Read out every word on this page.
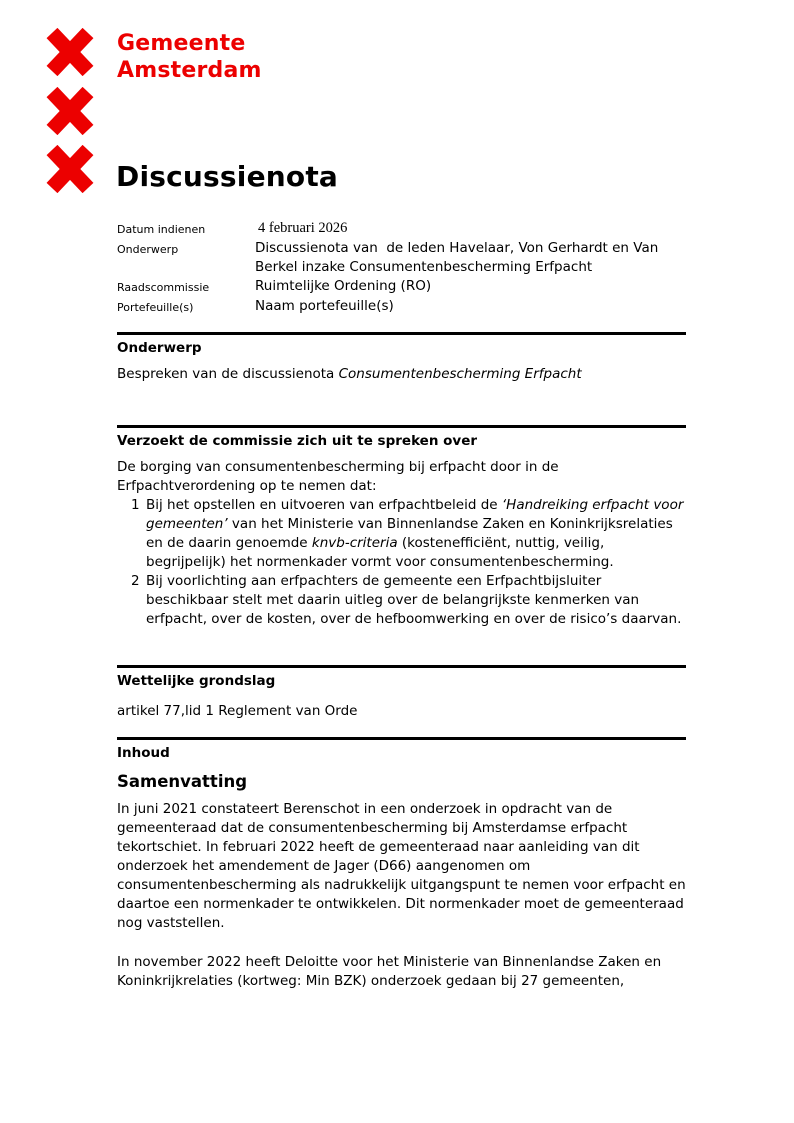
Gemeente
Amsterdam
Discussienota
Datum indienen	4 februari 2026
Onderwerp	Discussienota van  de leden Havelaar, Von Gerhardt en Van Berkel inzake Consumentenbescherming Erfpacht
Raadscommissie	Ruimtelijke Ordening (RO)
Portefeuille(s)	Naam portefeuille(s)
Onderwerp
Bespreken van de discussienota Consumentenbescherming Erfpacht
Verzoekt de commissie zich uit te spreken over
De borging van consumentenbescherming bij erfpacht door in de Erfpachtverordening op te nemen dat:
1 Bij het opstellen en uitvoeren van erfpachtbeleid de ‘Handreiking erfpacht voor gemeenten’ van het Ministerie van Binnenlandse Zaken en Koninkrijksrelaties en de daarin genoemde knvb-criteria (kostenefficiënt, nuttig, veilig, begrijpelijk) het normenkader vormt voor consumentenbescherming.
2 Bij voorlichting aan erfpachters de gemeente een Erfpachtbijsluiter beschikbaar stelt met daarin uitleg over de belangrijkste kenmerken van erfpacht, over de kosten, over de hefboomwerking en over de risico’s daarvan.
Wettelijke grondslag
artikel 77,lid 1 Reglement van Orde
Inhoud
Samenvatting
In juni 2021 constateert Berenschot in een onderzoek in opdracht van de gemeenteraad dat de consumentenbescherming bij Amsterdamse erfpacht tekortschiet. In februari 2022 heeft de gemeenteraad naar aanleiding van dit onderzoek het amendement de Jager (D66) aangenomen om consumentenbescherming als nadrukkelijk uitgangspunt te nemen voor erfpacht en daartoe een normenkader te ontwikkelen. Dit normenkader moet de gemeenteraad nog vaststellen.
In november 2022 heeft Deloitte voor het Ministerie van Binnenlandse Zaken en Koninkrijkrelaties (kortweg: Min BZK) onderzoek gedaan bij 27 gemeenten,
